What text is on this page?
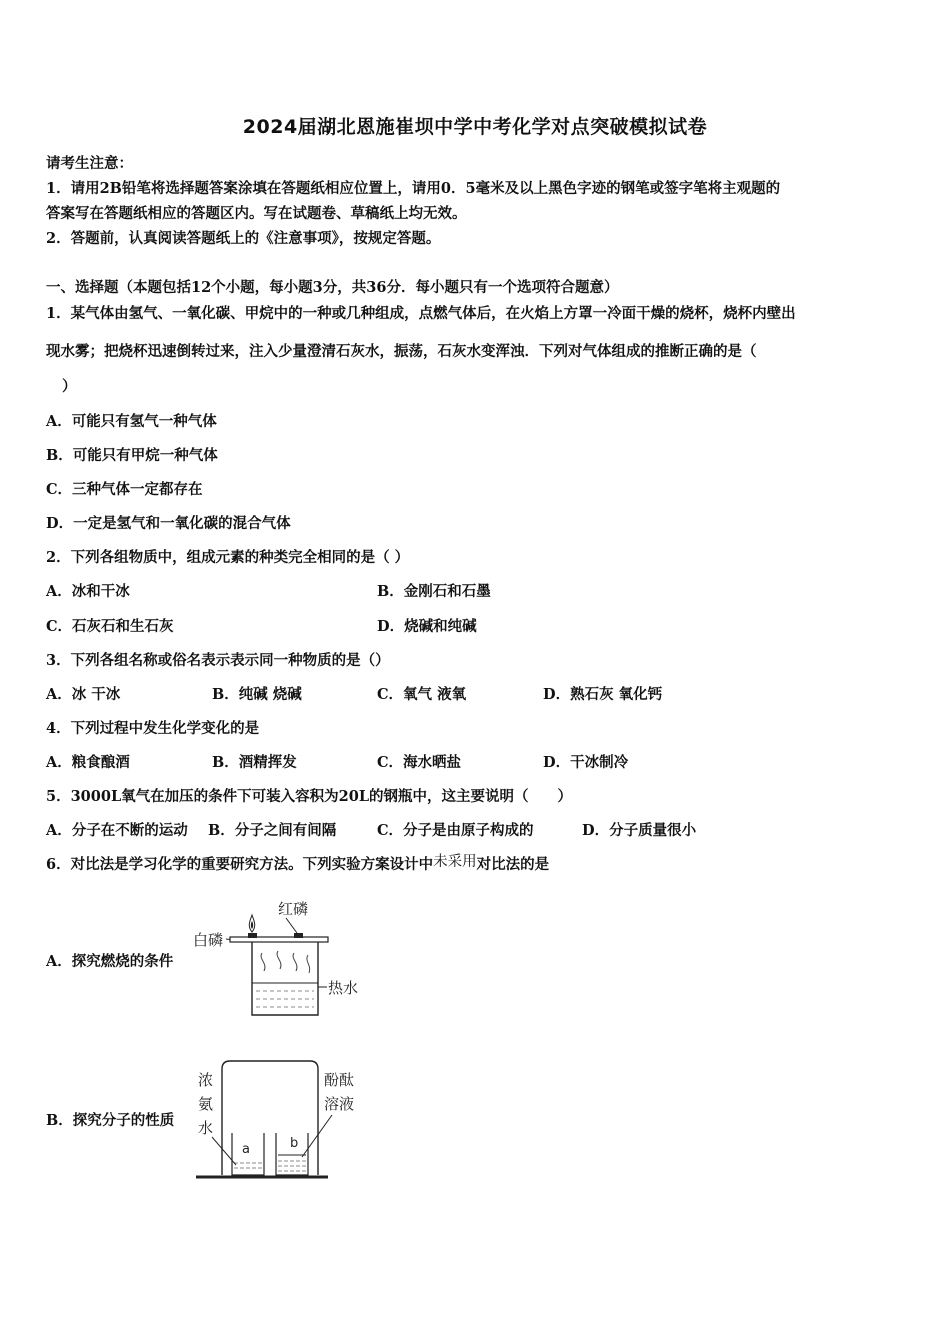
2024届湖北恩施崔坝中学中考化学对点突破模拟试卷
请考生注意：
1．请用2B铅笔将选择题答案涂填在答题纸相应位置上，请用0．5毫米及以上黑色字迹的钢笔或签字笔将主观题的
答案写在答题纸相应的答题区内。写在试题卷、草稿纸上均无效。
2．答题前，认真阅读答题纸上的《注意事项》，按规定答题。
一、选择题（本题包括12个小题，每小题3分，共36分．每小题只有一个选项符合题意）
1．某气体由氢气、一氧化碳、甲烷中的一种或几种组成，点燃气体后，在火焰上方罩一冷面干燥的烧杯，烧杯内壁出
现水雾；把烧杯迅速倒转过来，注入少量澄清石灰水，振荡，石灰水变浑浊．下列对气体组成的推断正确的是（
）
A．可能只有氢气一种气体
B．可能只有甲烷一种气体
C．三种气体一定都存在
D．一定是氢气和一氧化碳的混合气体
2．下列各组物质中，组成元素的种类完全相同的是（ ）
A．冰和干冰	B．金刚石和石墨
C．石灰石和生石灰	D．烧碱和纯碱
3．下列各组名称或俗名表示表示同一种物质的是（）
A．冰 干冰	B．纯碱 烧碱	C．氧气 液氧	D．熟石灰 氧化钙
4．下列过程中发生化学变化的是
A．粮食酿酒	B．酒精挥发	C．海水晒盐	D．干冰制冷
5．3000L氧气在加压的条件下可装入容积为20L的钢瓶中，这主要说明（　　）
A．分子在不断的运动 B．分子之间有间隔	C．分子是由原子构成的	D．分子质量很小
6．对比法是学习化学的重要研究方法。下列实验方案设计中未采用对比法的是
A．探究燃烧的条件
红磷
白磷
热水
B．探究分子的性质
浓
氨
水
酚酞
溶液
a	b
